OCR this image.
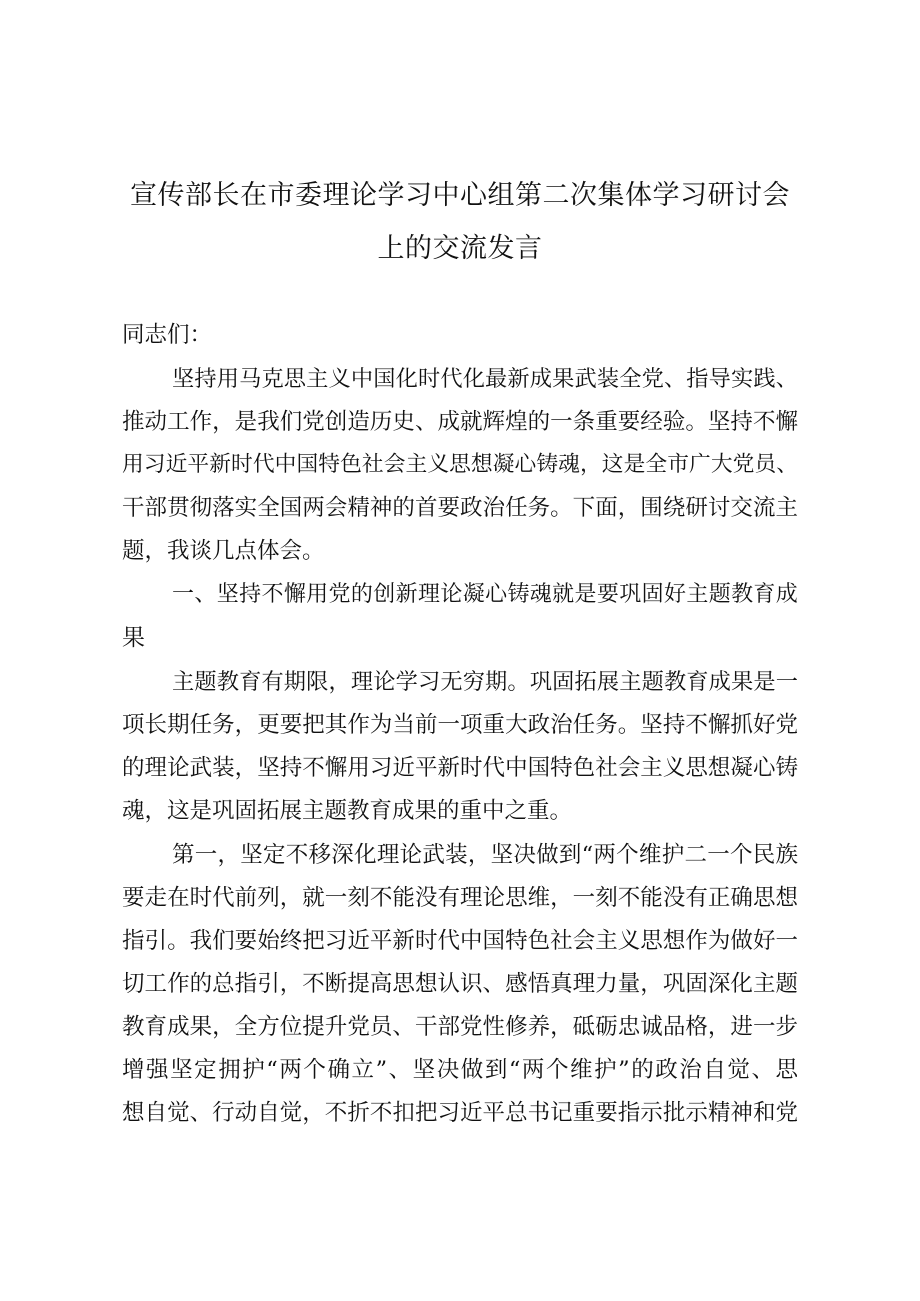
宣传部长在市委理论学习中心组第二次集体学习研讨会
上的交流发言
同志们：
坚持用马克思主义中国化时代化最新成果武装全党、指导实践、
推动工作，是我们党创造历史、成就辉煌的一条重要经验。坚持不懈
用习近平新时代中国特色社会主义思想凝心铸魂，这是全市广大党员、
干部贯彻落实全国两会精神的首要政治任务。下面，围绕研讨交流主
题，我谈几点体会。
一、坚持不懈用党的创新理论凝心铸魂就是要巩固好主题教育成
果
主题教育有期限，理论学习无穷期。巩固拓展主题教育成果是一
项长期任务，更要把其作为当前一项重大政治任务。坚持不懈抓好党
的理论武装，坚持不懈用习近平新时代中国特色社会主义思想凝心铸
魂，这是巩固拓展主题教育成果的重中之重。
第一，坚定不移深化理论武装，坚决做到“两个维护二一个民族
要走在时代前列，就一刻不能没有理论思维，一刻不能没有正确思想
指引。我们要始终把习近平新时代中国特色社会主义思想作为做好一
切工作的总指引，不断提高思想认识、感悟真理力量，巩固深化主题
教育成果，全方位提升党员、干部党性修养，砥砺忠诚品格，进一步
增强坚定拥护“两个确立”、坚决做到“两个维护”的政治自觉、思
想自觉、行动自觉，不折不扣把习近平总书记重要指示批示精神和党
